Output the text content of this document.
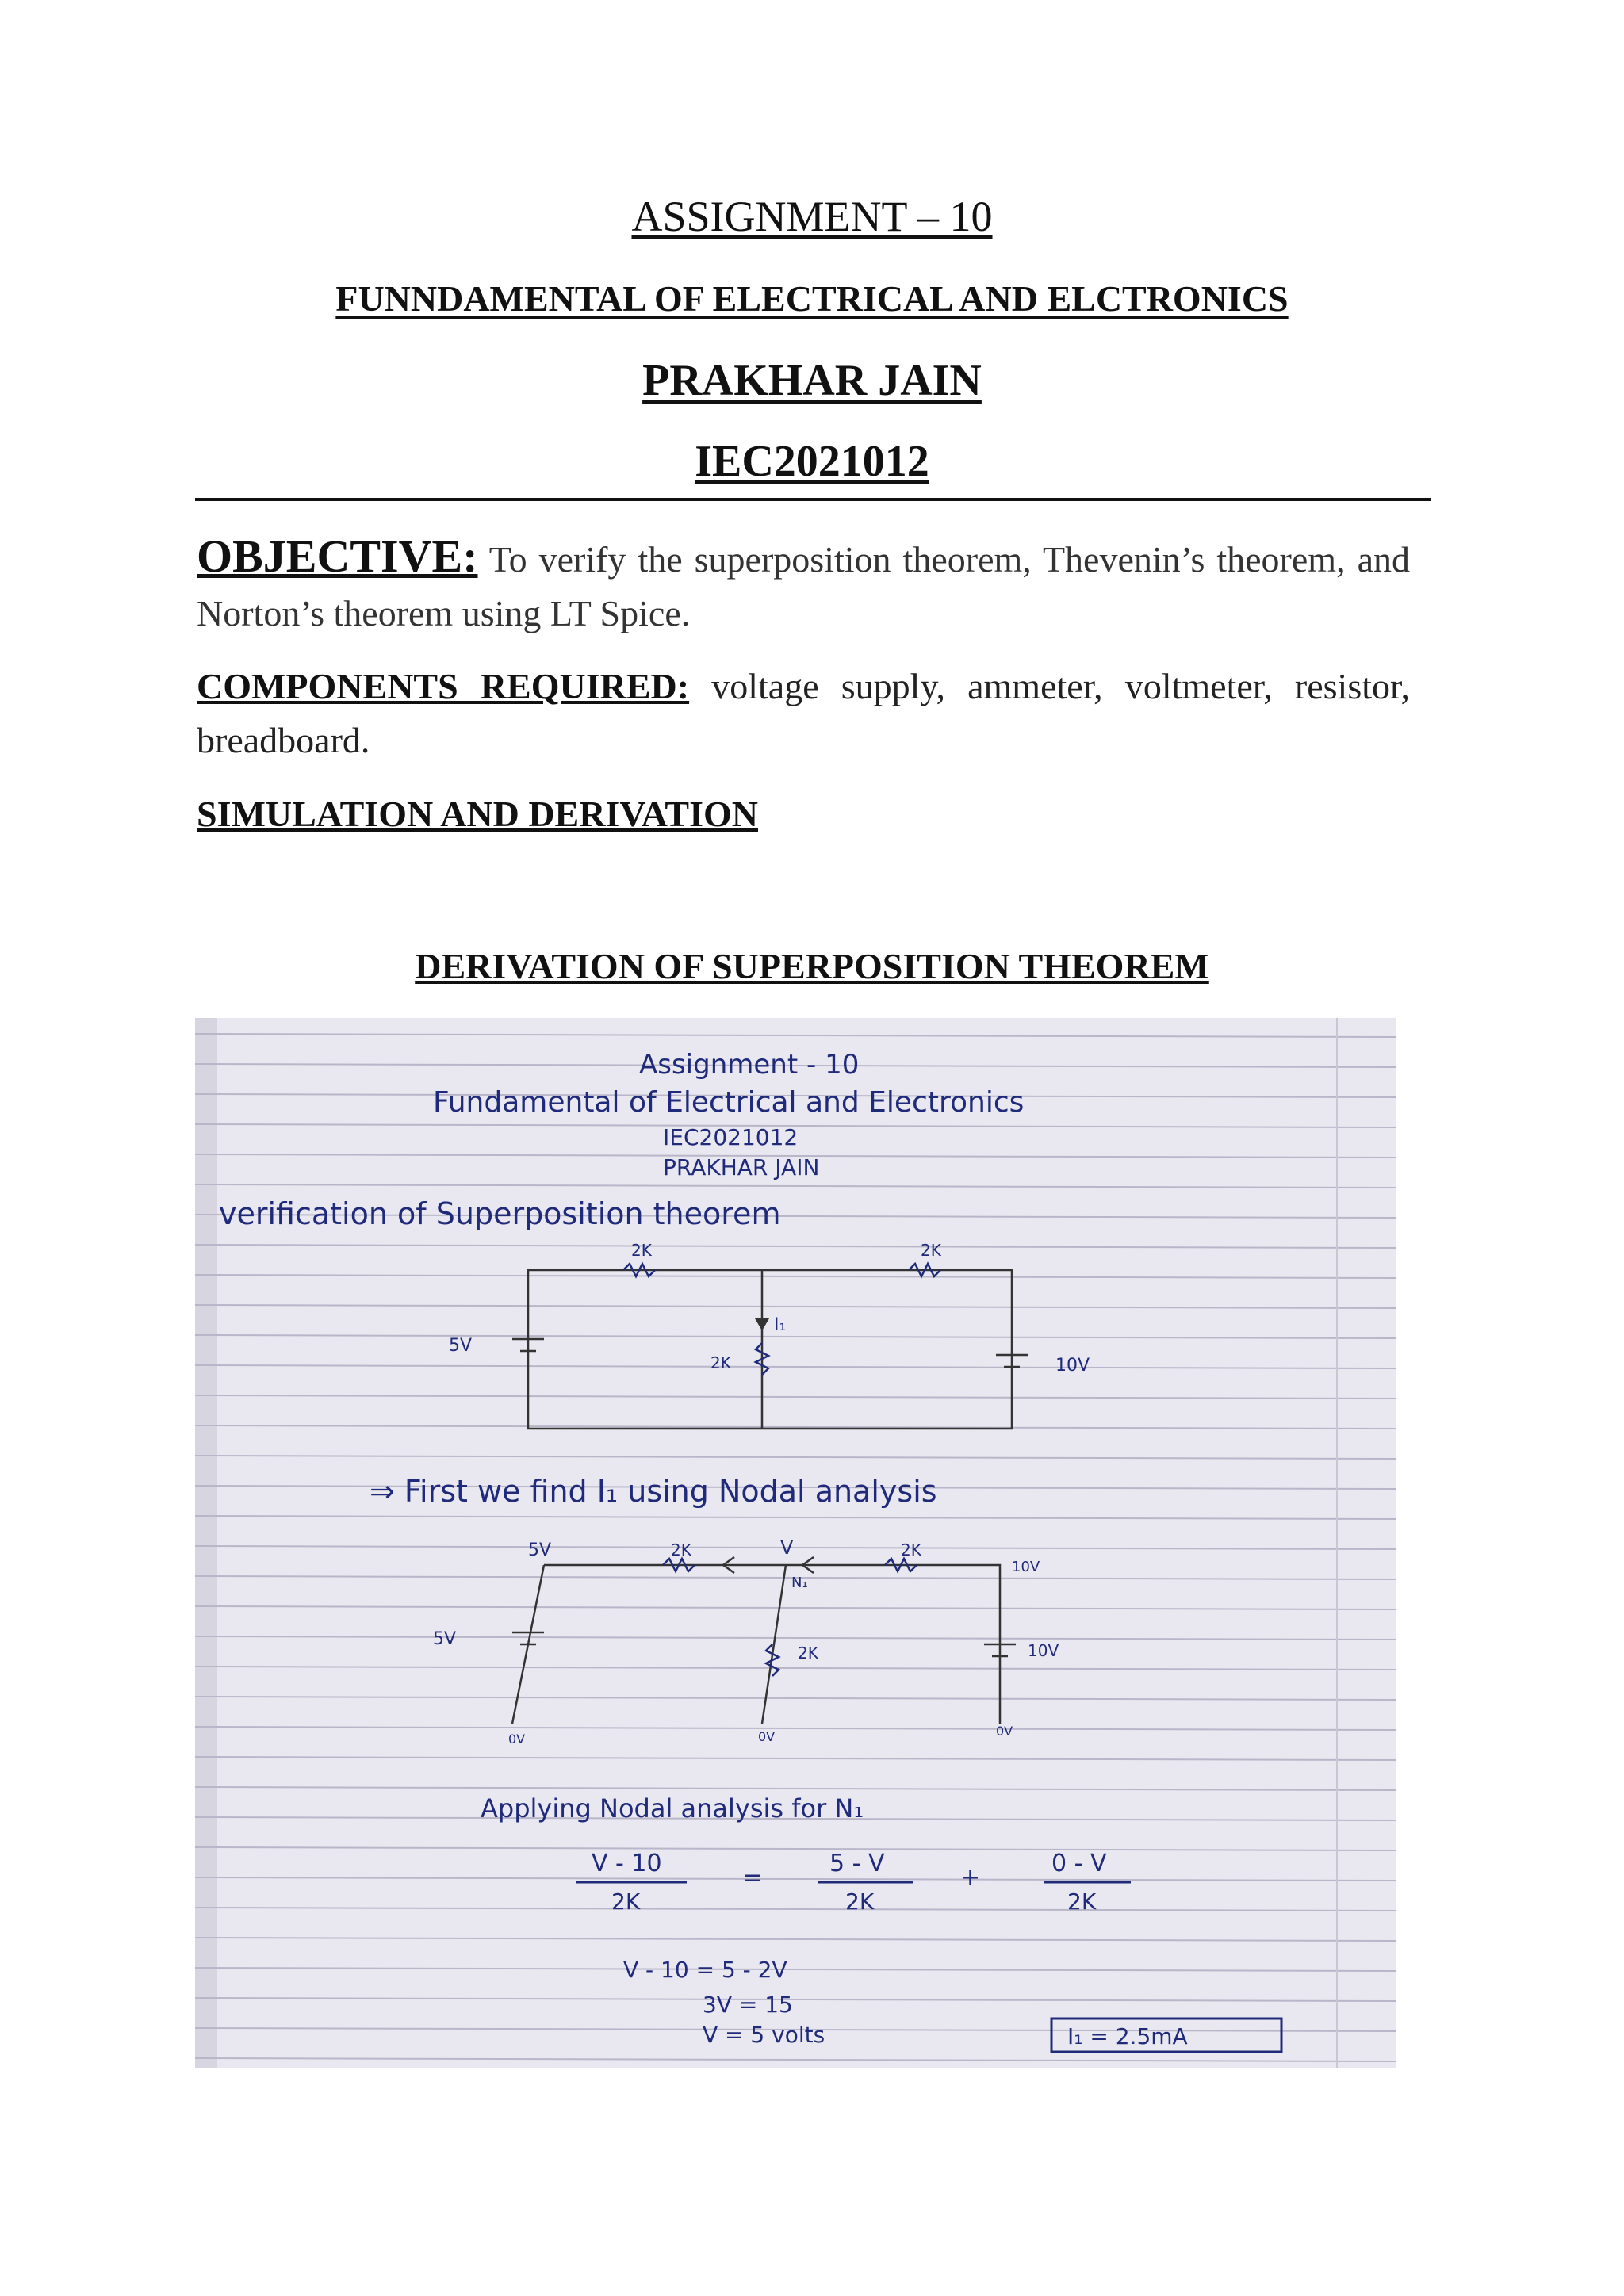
ASSIGNMENT – 10
FUNNDAMENTAL OF ELECTRICAL AND ELCTRONICS
PRAKHAR JAIN
IEC2021012
OBJECTIVE: To verify the superposition theorem, Thevenin’s theorem, and Norton’s theorem using LT Spice.
COMPONENTS REQUIRED: voltage supply, ammeter, voltmeter, resistor, breadboard.
SIMULATION AND DERIVATION
DERIVATION OF SUPERPOSITION THEOREM
Assignment - 10
Fundamental of Electrical and Electronics
IEC2021012
PRAKHAR JAIN
verification of Superposition theorem
2K	2K
2K
I₁
5V
10V
⇒ First we find I₁ using Nodal analysis
5V	2K	V	2K
10V
N₁
2K
5V
10V
0V	0V	0V
Applying Nodal analysis for N₁
V - 10
2K
=
5 - V
2K
+
0 - V
2K
V - 10 = 5 - 2V
3V = 15
V = 5 volts	I₁ = 2.5mA
